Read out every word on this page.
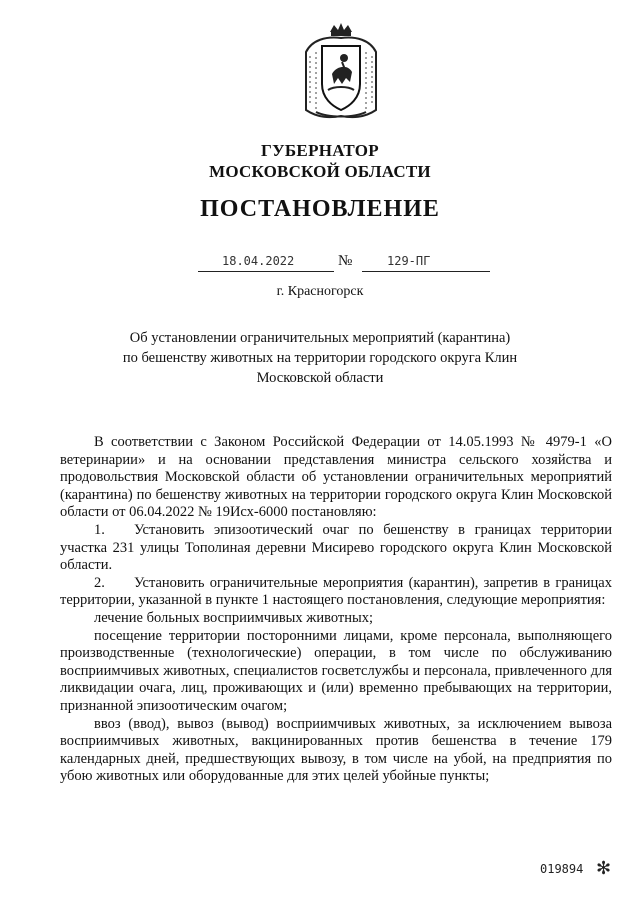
ГУБЕРНАТОР
МОСКОВСКОЙ ОБЛАСТИ
ПОСТАНОВЛЕНИЕ
18.04.2022	№	129-ПГ
г. Красногорск
Об установлении ограничительных мероприятий (карантина)
по бешенству животных на территории городского округа Клин
Московской области

В соответствии с Законом Российской Федерации от 14.05.1993 № 4979-1 «О ветеринарии» и на основании представления министра сельского хозяйства и продовольствия Московской области об установлении ограничительных мероприятий (карантина) по бешенству животных на территории городского округа Клин Московской области от 06.04.2022 № 19Исх-6000 постановляю:

1. Установить эпизоотический очаг по бешенству в границах территории участка 231 улицы Тополиная деревни Мисирево городского округа Клин Московской области.

2. Установить ограничительные мероприятия (карантин), запретив в границах территории, указанной в пункте 1 настоящего постановления, следующие мероприятия:

лечение больных восприимчивых животных;

посещение территории посторонними лицами, кроме персонала, выполняющего производственные (технологические) операции, в том числе по обслуживанию восприимчивых животных, специалистов госветслужбы и персонала, привлеченного для ликвидации очага, лиц, проживающих и (или) временно пребывающих на территории, признанной эпизоотическим очагом;

ввоз (ввод), вывоз (вывод) восприимчивых животных, за исключением вывоза восприимчивых животных, вакцинированных против бешенства в течение 179 календарных дней, предшествующих вывозу, в том числе на убой, на предприятия по убою животных или оборудованные для этих целей убойные пункты;

019894 ✻
